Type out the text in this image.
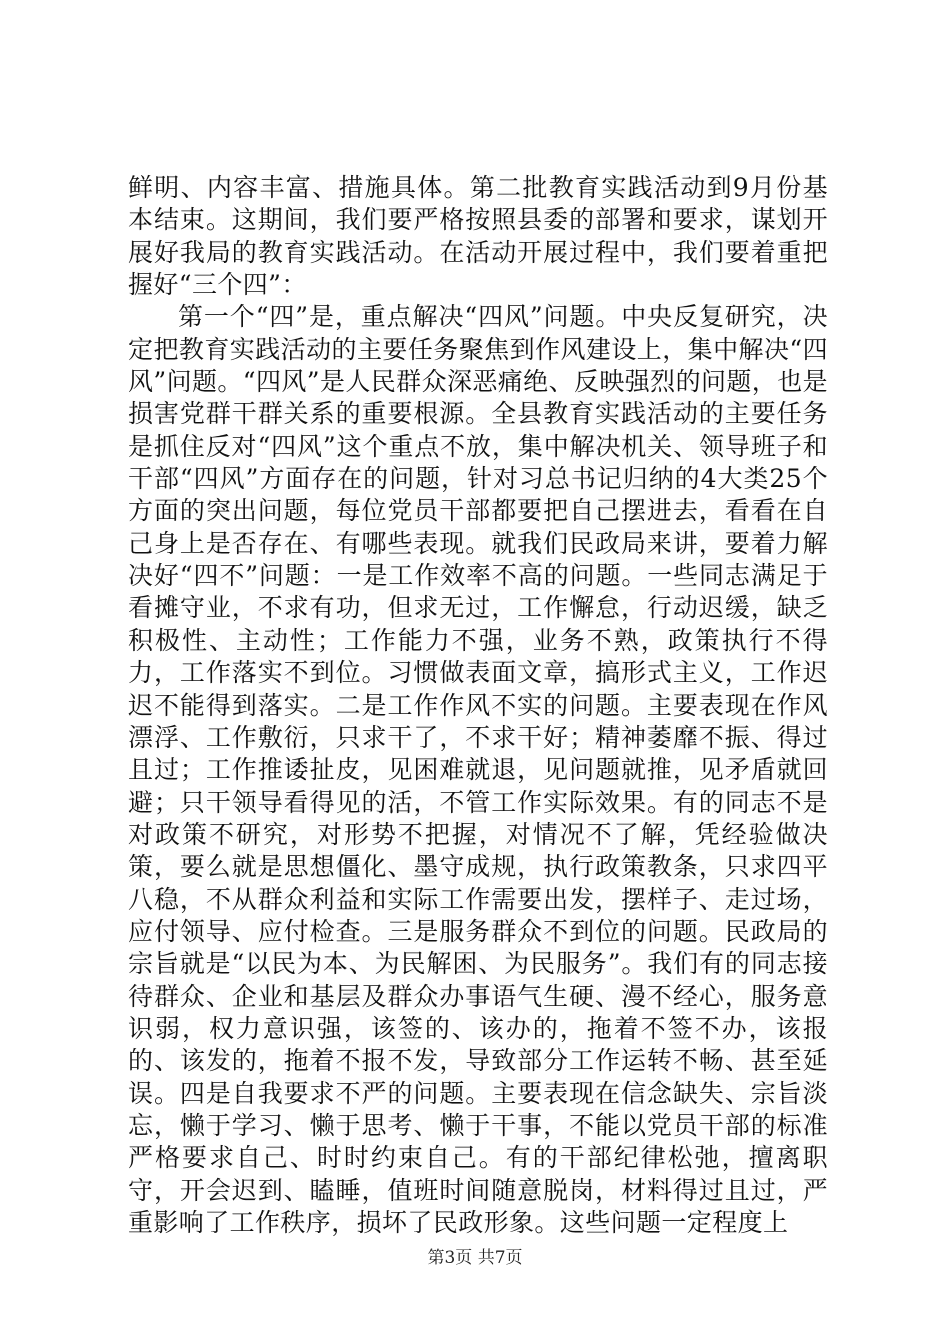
鲜明、内容丰富、措施具体。第二批教育实践活动到9月份基本结束。这期间，我们要严格按照县委的部署和要求，谋划开展好我局的教育实践活动。在活动开展过程中，我们要着重把握好“三个四”：

第一个“四”是，重点解决“四风”问题。中央反复研究，决定把教育实践活动的主要任务聚焦到作风建设上，集中解决“四风”问题。“四风”是人民群众深恶痛绝、反映强烈的问题，也是损害党群干群关系的重要根源。全县教育实践活动的主要任务是抓住反对“四风”这个重点不放，集中解决机关、领导班子和干部“四风”方面存在的问题，针对习总书记归纳的4大类25个方面的突出问题，每位党员干部都要把自己摆进去，看看在自己身上是否存在、有哪些表现。就我们民政局来讲，要着力解决好“四不”问题：一是工作效率不高的问题。一些同志满足于看摊守业，不求有功，但求无过，工作懈怠，行动迟缓，缺乏积极性、主动性；工作能力不强，业务不熟，政策执行不得力，工作落实不到位。习惯做表面文章，搞形式主义，工作迟迟不能得到落实。二是工作作风不实的问题。主要表现在作风漂浮、工作敷衍，只求干了，不求干好；精神萎靡不振、得过且过；工作推诿扯皮，见困难就退，见问题就推，见矛盾就回避；只干领导看得见的活，不管工作实际效果。有的同志不是对政策不研究，对形势不把握，对情况不了解，凭经验做决策，要么就是思想僵化、墨守成规，执行政策教条，只求四平八稳，不从群众利益和实际工作需要出发，摆样子、走过场，应付领导、应付检查。三是服务群众不到位的问题。民政局的宗旨就是“以民为本、为民解困、为民服务”。我们有的同志接待群众、企业和基层及群众办事语气生硬、漫不经心，服务意识弱，权力意识强，该签的、该办的，拖着不签不办，该报的、该发的，拖着不报不发，导致部分工作运转不畅、甚至延误。四是自我要求不严的问题。主要表现在信念缺失、宗旨淡忘，懒于学习、懒于思考、懒于干事，不能以党员干部的标准严格要求自己、时时约束自己。有的干部纪律松弛，擅离职守，开会迟到、瞌睡，值班时间随意脱岗，材料得过且过，严重影响了工作秩序，损坏了民政形象。这些问题一定程度上

第3页 共7页
